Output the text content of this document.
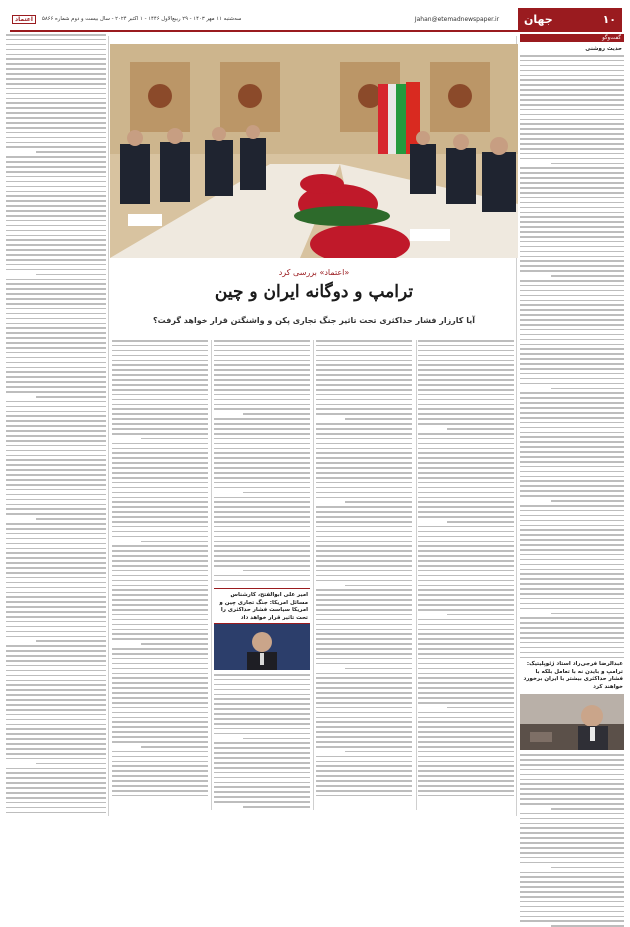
سه‌شنبه ۱۱ مهر ۱۴۰۳ - ۲۹ ربیع‌الاول ۱۴۴۶ - ۱ اکتبر ۲۰۲۴ - سال بیست و دوم شماره ۵۸۶۶
اعتماد	Jahan@etemadnewspaper.ir	جهان	۱۰
گفت‌وگو
حدیث روشنی
عبدالرضا فرجی‌راد استاد ژئوپلیتیک: ترامپ و بایدن نه با تعامل بلکه با فشار حداکثری بیشتر با ایران برخورد خواهند کرد
«اعتماد» بررسی کرد
ترامپ و دوگانه ایران و چین
آیا کارزار فشار حداکثری تحت تاثیر جنگ تجاری پکن و واشنگتن قرار خواهد گرفت؟

امیر علی ابوالفتح، کارشناس مسائل امریکا: جنگ تجاری چین و امریکا سیاست فشار حداکثری را تحت تاثیر قرار خواهد داد
